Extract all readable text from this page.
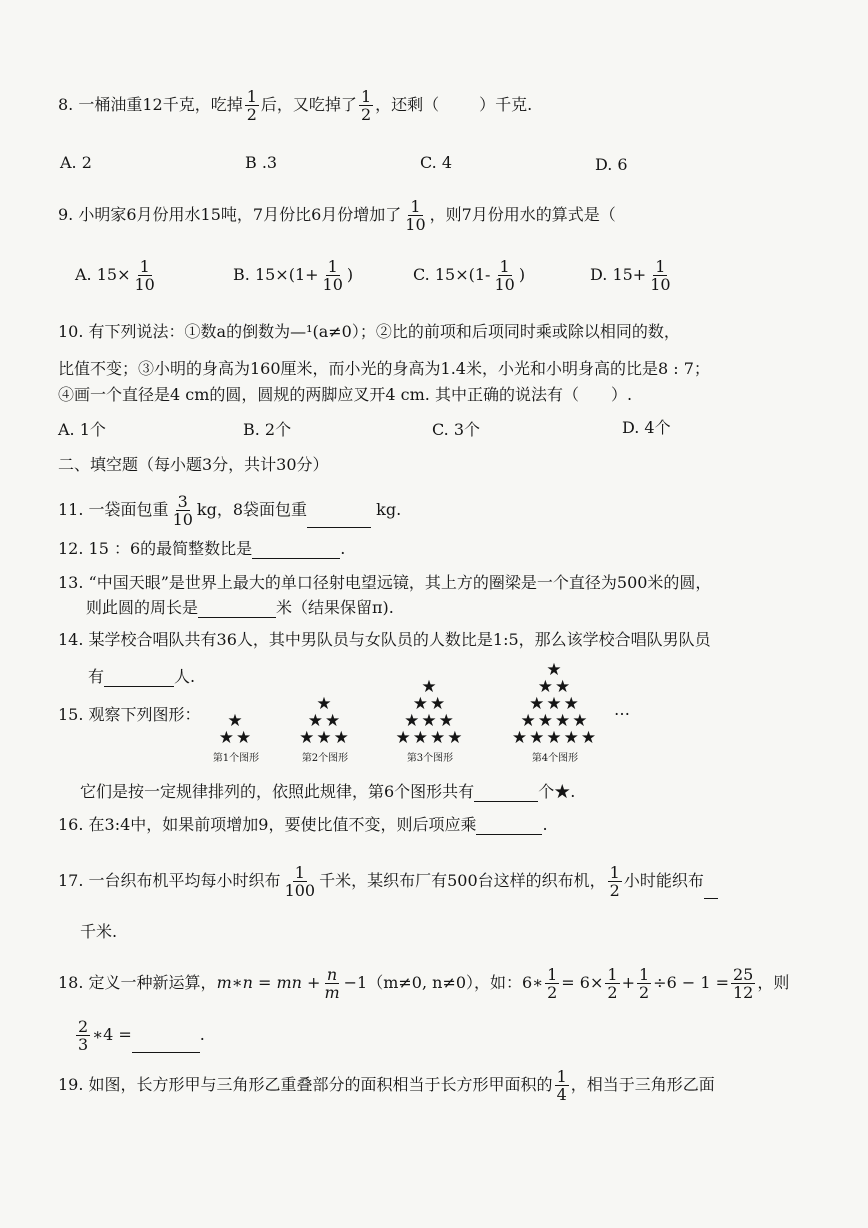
8. 一桶油重12千克，吃掉 $\frac{1}{2}$ 后，又吃掉了 $\frac{1}{2}$ ，还剩（	）千克.
A. 2	B .3	C. 4	D. 6
9. 小明家6月份用水15吨，7月份比6月份增加了 $\frac{1}{10}$ ，则7月份用水的算式是（
A. $15\times \frac{1}{10}$	B. $15\times(1+ \frac{1}{10}$ )	C. $15\times(1- \frac{1}{10}$ )	D. $15+ \frac{1}{10}$
10. 有下列说法：①数a的倒数为—¹(a≠0）；②比的前项和后项同时乘或除以相同的数，
比值不变；③小明的身高为160厘米，而小光的身高为1.4米，小光和小明身高的比是8 : 7；
④画一个直径是4 cm的圆，圆规的两脚应叉开4 cm. 其中正确的说法有（　　）.
A. 1个	B. 2个	C. 3个	D. 4个
二、填空题（每小题3分，共计30分）
11. 一袋面包重 $\frac{3}{10}$ kg，8袋面包重	kg.
12. 15 ：6的最简整数比是	.
13. “中国天眼”是世界上最大的单口径射电望远镜，其上方的圈梁是一个直径为500米的圆，
则此圆的周长是	米（结果保留π).
14. 某学校合唱队共有36人，其中男队员与女队员的人数比是1:5，那么该学校合唱队男队员
有	人.
15. 观察下列图形：	★
★★
第1个图形
★
★★
★★★
第2个图形
★
★★
★★★
★★★★
第3个图形
★
★★
★★★
★★★★
★★★★★
第4个图形
…
它们是按一定规律排列的，依照此规律，第6个图形共有	个★.
16. 在3:4中，如果前项增加9，要使比值不变，则后项应乘	.
17. 一台织布机平均每小时织布 $\frac{1}{100}$ 千米，某织布厂有500台这样的织布机， $\frac{1}{2}$ 小时能织布
千米.
18. 定义一种新运算，m∗n = mn + $\frac{n}{m} -1(m\ne 0$, n≠0），如：6∗ $\frac{1}{2} = 6\times \frac{1}{2} + \frac{1}{2} \div 6 - 1 = \frac{25}{12}$ ，则
$\frac{2}{3}$ ∗4 =	.
19. 如图，长方形甲与三角形乙重叠部分的面积相当于长方形甲面积的 $\frac{1}{4}$ ，相当于三角形乙面
